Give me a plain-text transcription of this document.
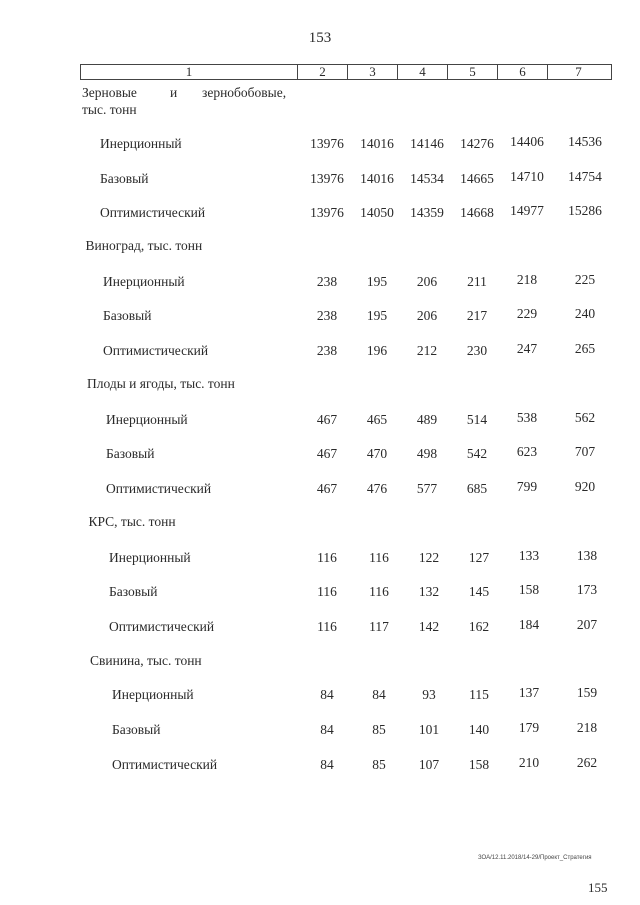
153
1	2	3	4	5	6	7
Зерновые и зернобобовые,
тыс. тонн
Инерционный	13976	14016	14146	14276	14406	14536
Базовый	13976	14016	14534	14665	14710	14754
Оптимистический	13976	14050	14359	14668	14977	15286
Виноград, тыс. тонн
Инерционный	238	195	206	211	218	225
Базовый	238	195	206	217	229	240
Оптимистический	238	196	212	230	247	265
Плоды и ягоды, тыс. тонн
Инерционный	467	465	489	514	538	562
Базовый	467	470	498	542	623	707
Оптимистический	467	476	577	685	799	920
КРС, тыс. тонн
Инерционный	116	116	122	127	133	138
Базовый	116	116	132	145	158	173
Оптимистический	116	117	142	162	184	207
Свинина, тыс. тонн
Инерционный	84	84	93	115	137	159
Базовый	84	85	101	140	179	218
Оптимистический	84	85	107	158	210	262
ЗОА/12.11.2018/14-29/Проект_Стратегия
155
